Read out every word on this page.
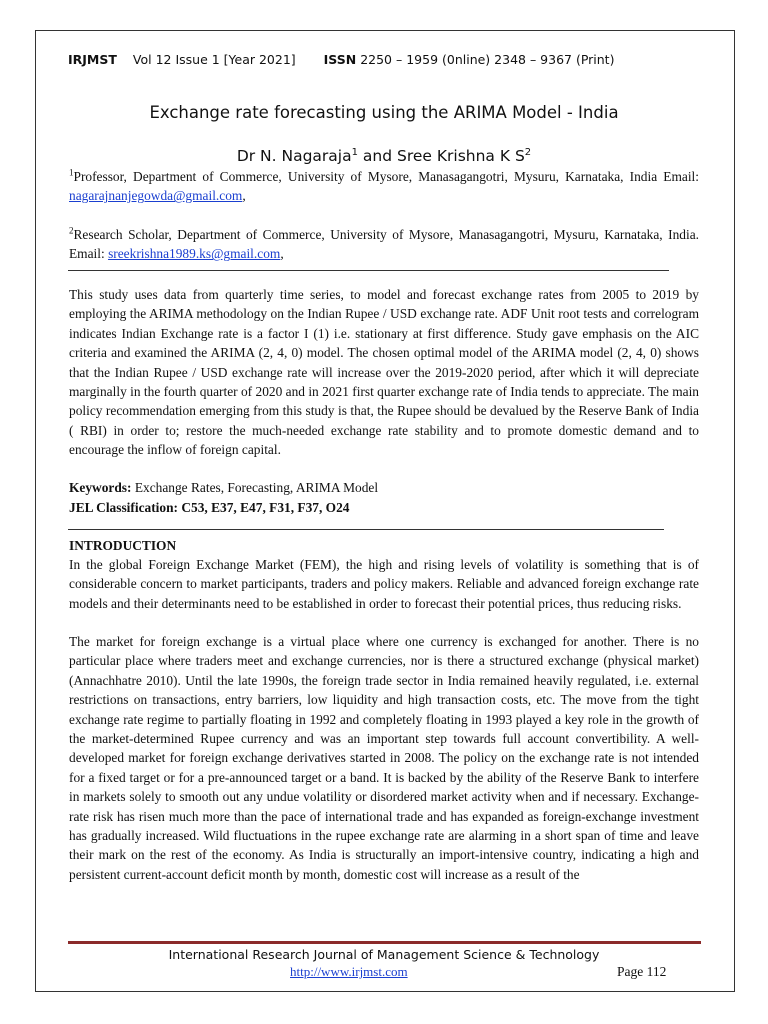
IRJMST Vol 12 Issue 1 [Year 2021] ISSN 2250 – 1959 (0nline) 2348 – 9367 (Print)
Exchange rate forecasting using the ARIMA Model - India
Dr N. Nagaraja$^1$ and Sree Krishna K $S^2$
$^1$Professor, Department of Commerce, University of Mysore, Manasagangotri, Mysuru, Karnataka, India Email: nagarajnanjegowda@gmail.com,
$^2$Research Scholar, Department of Commerce, University of Mysore, Manasagangotri, Mysuru, Karnataka, India. Email: sreekrishna1989.ks@gmail.com,
This study uses data from quarterly time series, to model and forecast exchange rates from 2005 to 2019 by employing the ARIMA methodology on the Indian Rupee / USD exchange rate. ADF Unit root tests and correlogram indicates Indian Exchange rate is a factor I (1) i.e. stationary at first difference. Study gave emphasis on the AIC criteria and examined the ARIMA (2, 4, 0) model. The chosen optimal model of the ARIMA model (2, 4, 0) shows that the Indian Rupee / USD exchange rate will increase over the 2019-2020 period, after which it will depreciate marginally in the fourth quarter of 2020 and in 2021 first quarter exchange rate of India tends to appreciate. The main policy recommendation emerging from this study is that, the Rupee should be devalued by the Reserve Bank of India ( RBI) in order to; restore the much-needed exchange rate stability and to promote domestic demand and to encourage the inflow of foreign capital.
Keywords: Exchange Rates, Forecasting, ARIMA Model
JEL Classification: C53, E37, E47, F31, F37, O24
INTRODUCTION
In the global Foreign Exchange Market (FEM), the high and rising levels of volatility is something that is of considerable concern to market participants, traders and policy makers. Reliable and advanced foreign exchange rate models and their determinants need to be established in order to forecast their potential prices, thus reducing risks.
The market for foreign exchange is a virtual place where one currency is exchanged for another. There is no particular place where traders meet and exchange currencies, nor is there a structured exchange (physical market) (Annachhatre 2010). Until the late 1990s, the foreign trade sector in India remained heavily regulated, i.e. external restrictions on transactions, entry barriers, low liquidity and high transaction costs, etc. The move from the tight exchange rate regime to partially floating in 1992 and completely floating in 1993 played a key role in the growth of the market-determined Rupee currency and was an important step towards full account convertibility. A well-developed market for foreign exchange derivatives started in 2008. The policy on the exchange rate is not intended for a fixed target or for a pre-announced target or a band. It is backed by the ability of the Reserve Bank to interfere in markets solely to smooth out any undue volatility or disordered market activity when and if necessary. Exchange-rate risk has risen much more than the pace of international trade and has expanded as foreign-exchange investment has gradually increased. Wild fluctuations in the rupee exchange rate are alarming in a short span of time and leave their mark on the rest of the economy. As India is structurally an import-intensive country, indicating a high and persistent current-account deficit month by month, domestic cost will increase as a result of the
International Research Journal of Management Science & Technology
http://www.irjmst.com	Page 112
